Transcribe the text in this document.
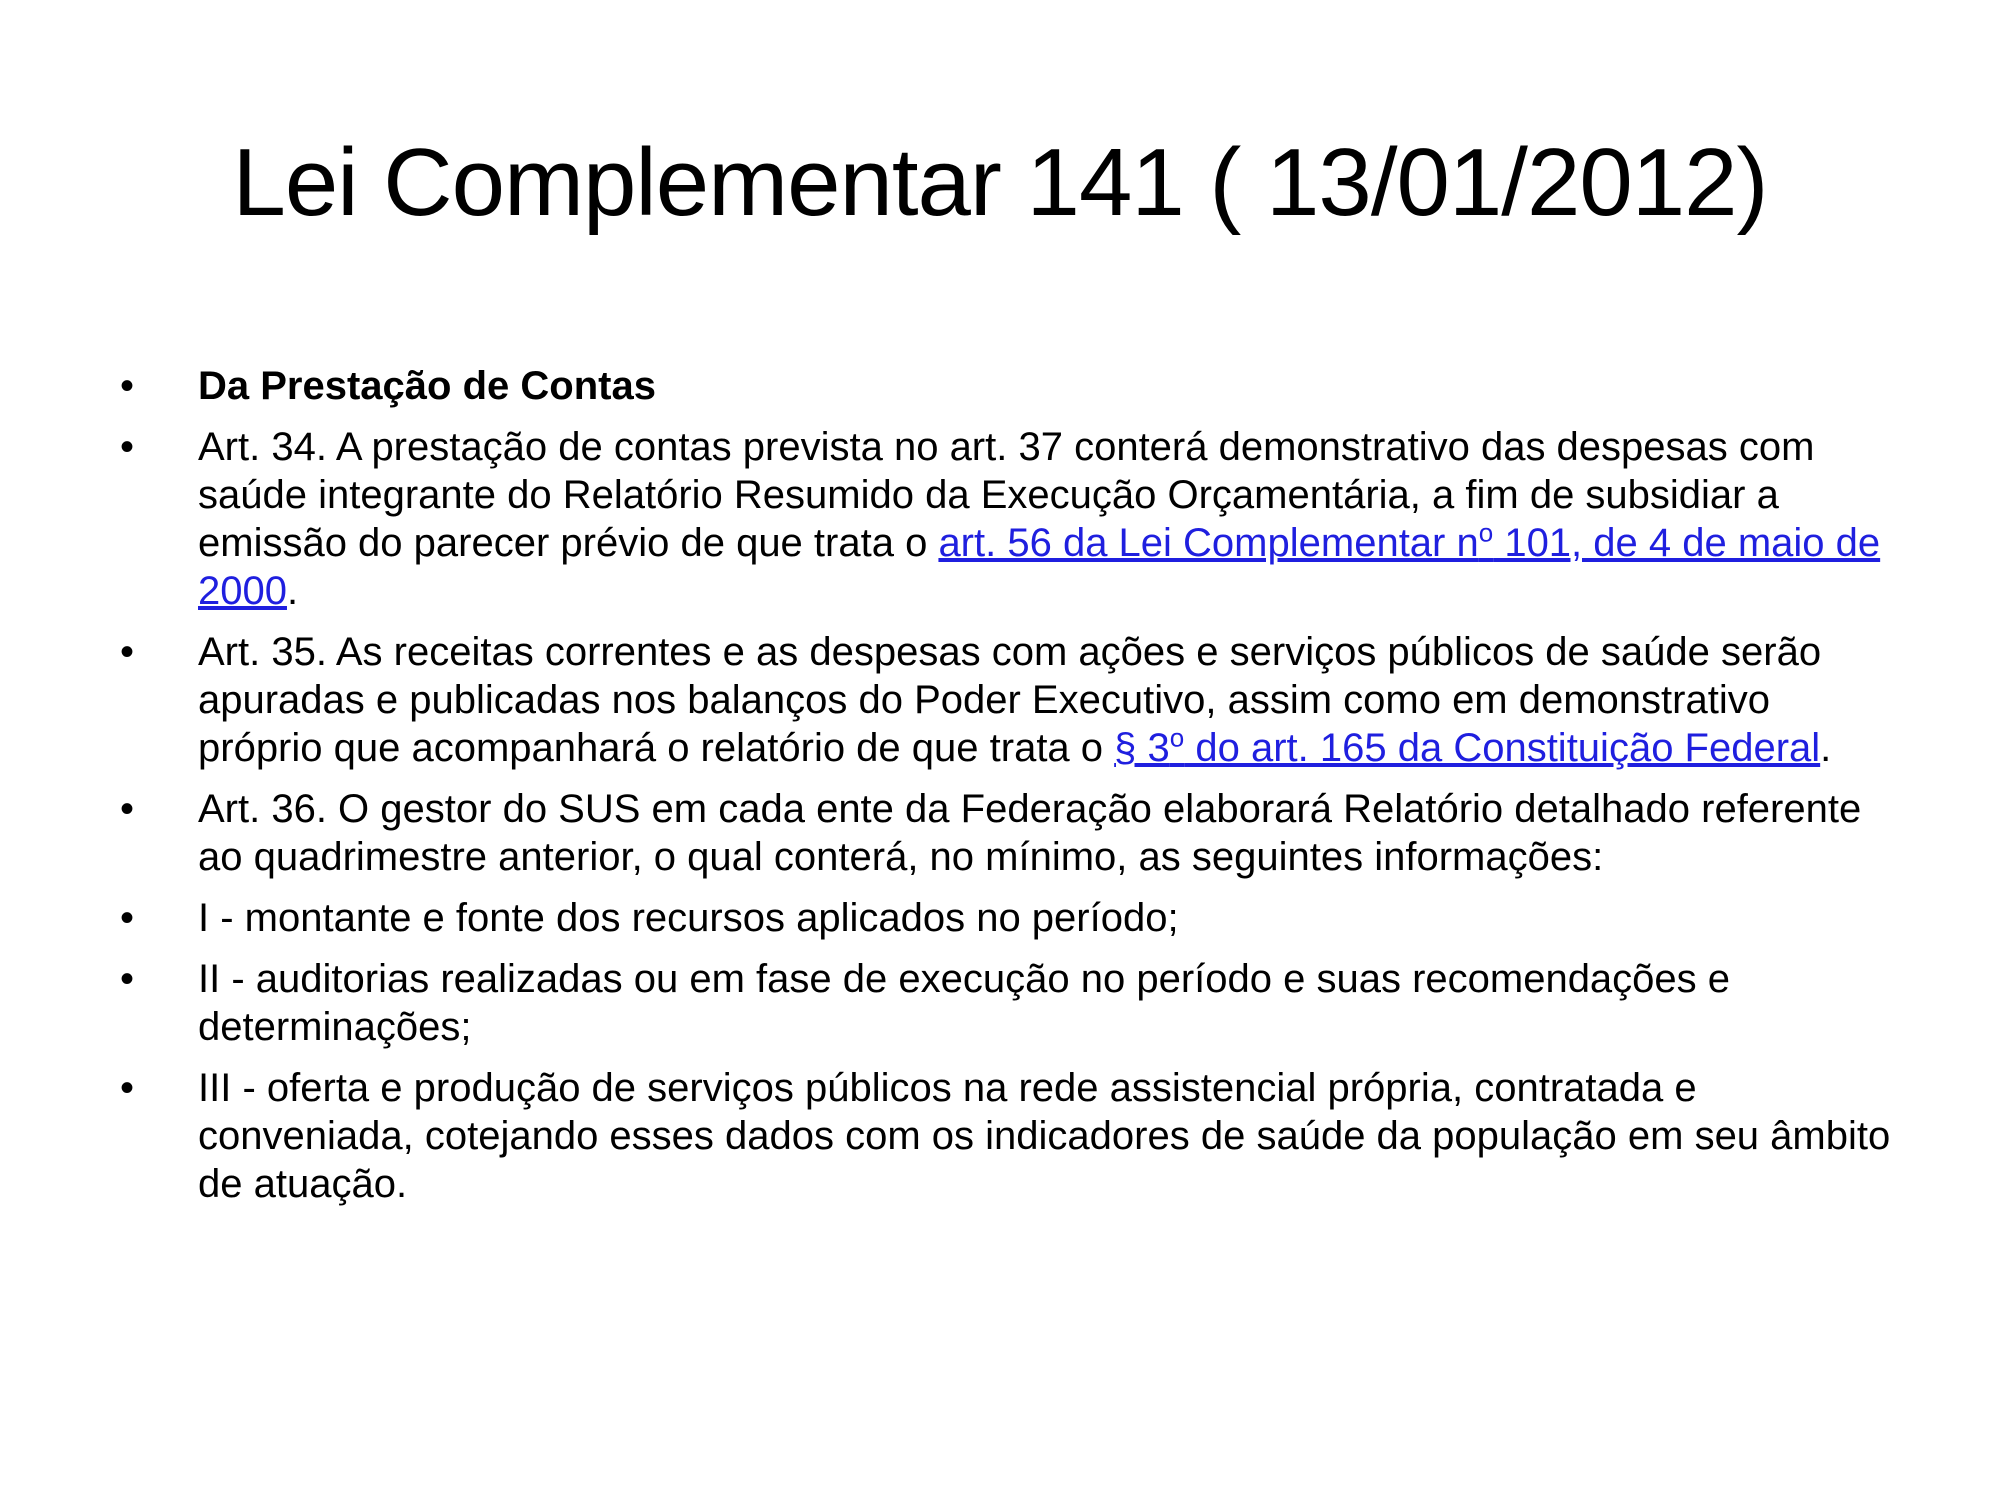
Lei Complementar 141 ( 13/01/2012)
•	Da Prestação de Contas
•	Art. 34. A prestação de contas prevista no art. 37 conterá demonstrativo das despesas com saúde integrante do Relatório Resumido da Execução Orçamentária, a fim de subsidiar a emissão do parecer prévio de que trata o art. 56 da Lei Complementar n$^o$ 101, de 4 de maio de 2000.
•	Art. 35. As receitas correntes e as despesas com ações e serviços públicos de saúde serão apuradas e publicadas nos balanços do Poder Executivo, assim como em demonstrativo próprio que acompanhará o relatório de que trata o § 3$^o$ do art. 165 da Constituição Federal.
•	Art. 36. O gestor do SUS em cada ente da Federação elaborará Relatório detalhado referente ao quadrimestre anterior, o qual conterá, no mínimo, as seguintes informações:
•	I - montante e fonte dos recursos aplicados no período;
•	II - auditorias realizadas ou em fase de execução no período e suas recomendações e determinações;
•	III - oferta e produção de serviços públicos na rede assistencial própria, contratada e conveniada, cotejando esses dados com os indicadores de saúde da população em seu âmbito de atuação.
